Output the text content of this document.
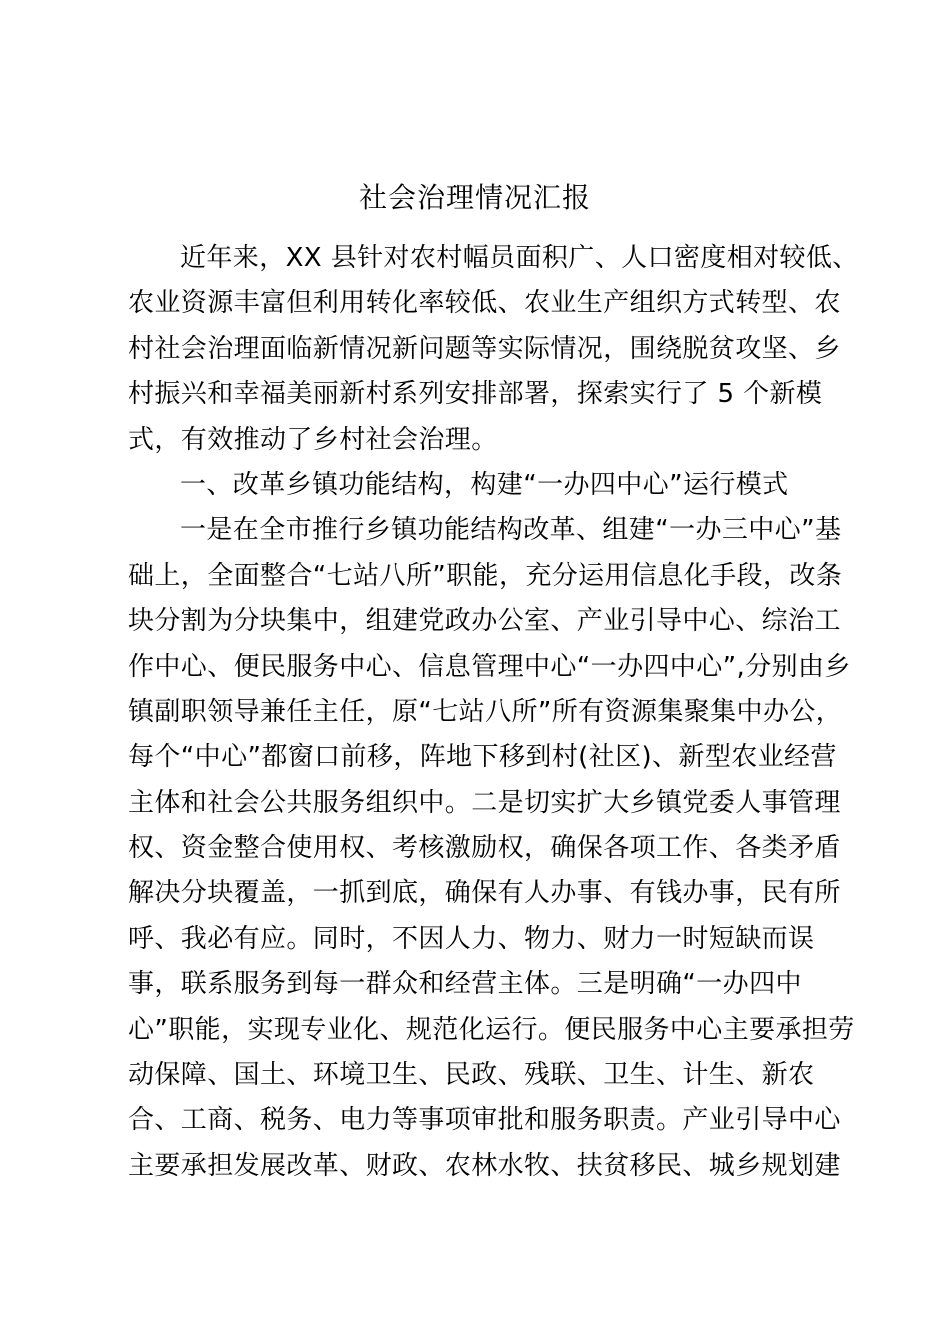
社会治理情况汇报
近年来，XX 县针对农村幅员面积广、人口密度相对较低、
农业资源丰富但利用转化率较低、农业生产组织方式转型、农
村社会治理面临新情况新问题等实际情况，围绕脱贫攻坚、乡
村振兴和幸福美丽新村系列安排部署，探索实行了 5 个新模
式，有效推动了乡村社会治理。
一、改革乡镇功能结构，构建“一办四中心”运行模式
一是在全市推行乡镇功能结构改革、组建“一办三中心”基
础上，全面整合“七站八所”职能，充分运用信息化手段，改条
块分割为分块集中，组建党政办公室、产业引导中心、综治工
作中心、便民服务中心、信息管理中心“一办四中心”,分别由乡
镇副职领导兼任主任，原“七站八所”所有资源集聚集中办公，
每个“中心”都窗口前移，阵地下移到村(社区)、新型农业经营
主体和社会公共服务组织中。二是切实扩大乡镇党委人事管理
权、资金整合使用权、考核激励权，确保各项工作、各类矛盾
解决分块覆盖，一抓到底，确保有人办事、有钱办事，民有所
呼、我必有应。同时，不因人力、物力、财力一时短缺而误
事，联系服务到每一群众和经营主体。三是明确“一办四中
心”职能，实现专业化、规范化运行。便民服务中心主要承担劳
动保障、国土、环境卫生、民政、残联、卫生、计生、新农
合、工商、税务、电力等事项审批和服务职责。产业引导中心
主要承担发展改革、财政、农林水牧、扶贫移民、城乡规划建
